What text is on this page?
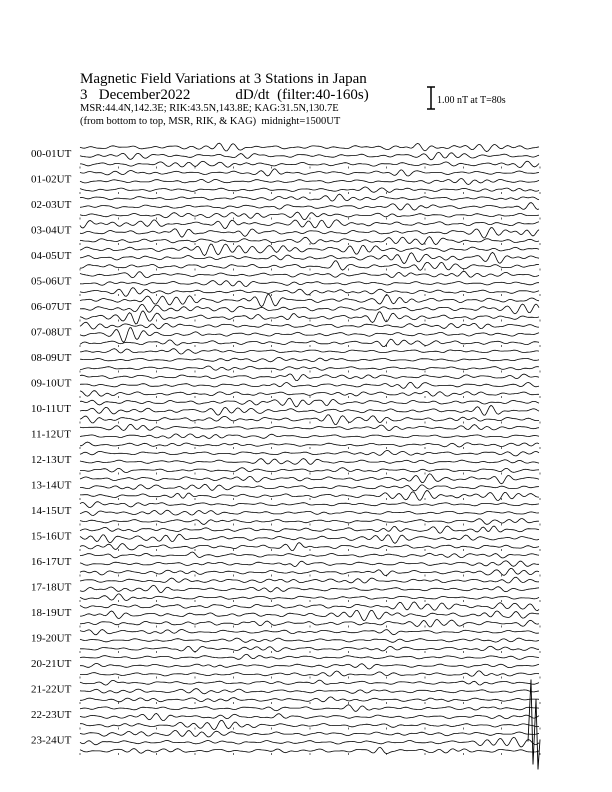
00-01UT
01-02UT
02-03UT
03-04UT
04-05UT
05-06UT
06-07UT
07-08UT
08-09UT
09-10UT
10-11UT
11-12UT
12-13UT
13-14UT
14-15UT
15-16UT
16-17UT
17-18UT
18-19UT
19-20UT
20-21UT
21-22UT
22-23UT
23-24UT
Magnetic Field Variations at 3 Stations in Japan
3 December2022	dD/dt (filter:40-160s)
MSR:44.4N,142.3E; RIK:43.5N,143.8E; KAG:31.5N,130.7E
(from bottom to top, MSR, RIK, & KAG) midnight=1500UT
1.00 nT at T=80s
